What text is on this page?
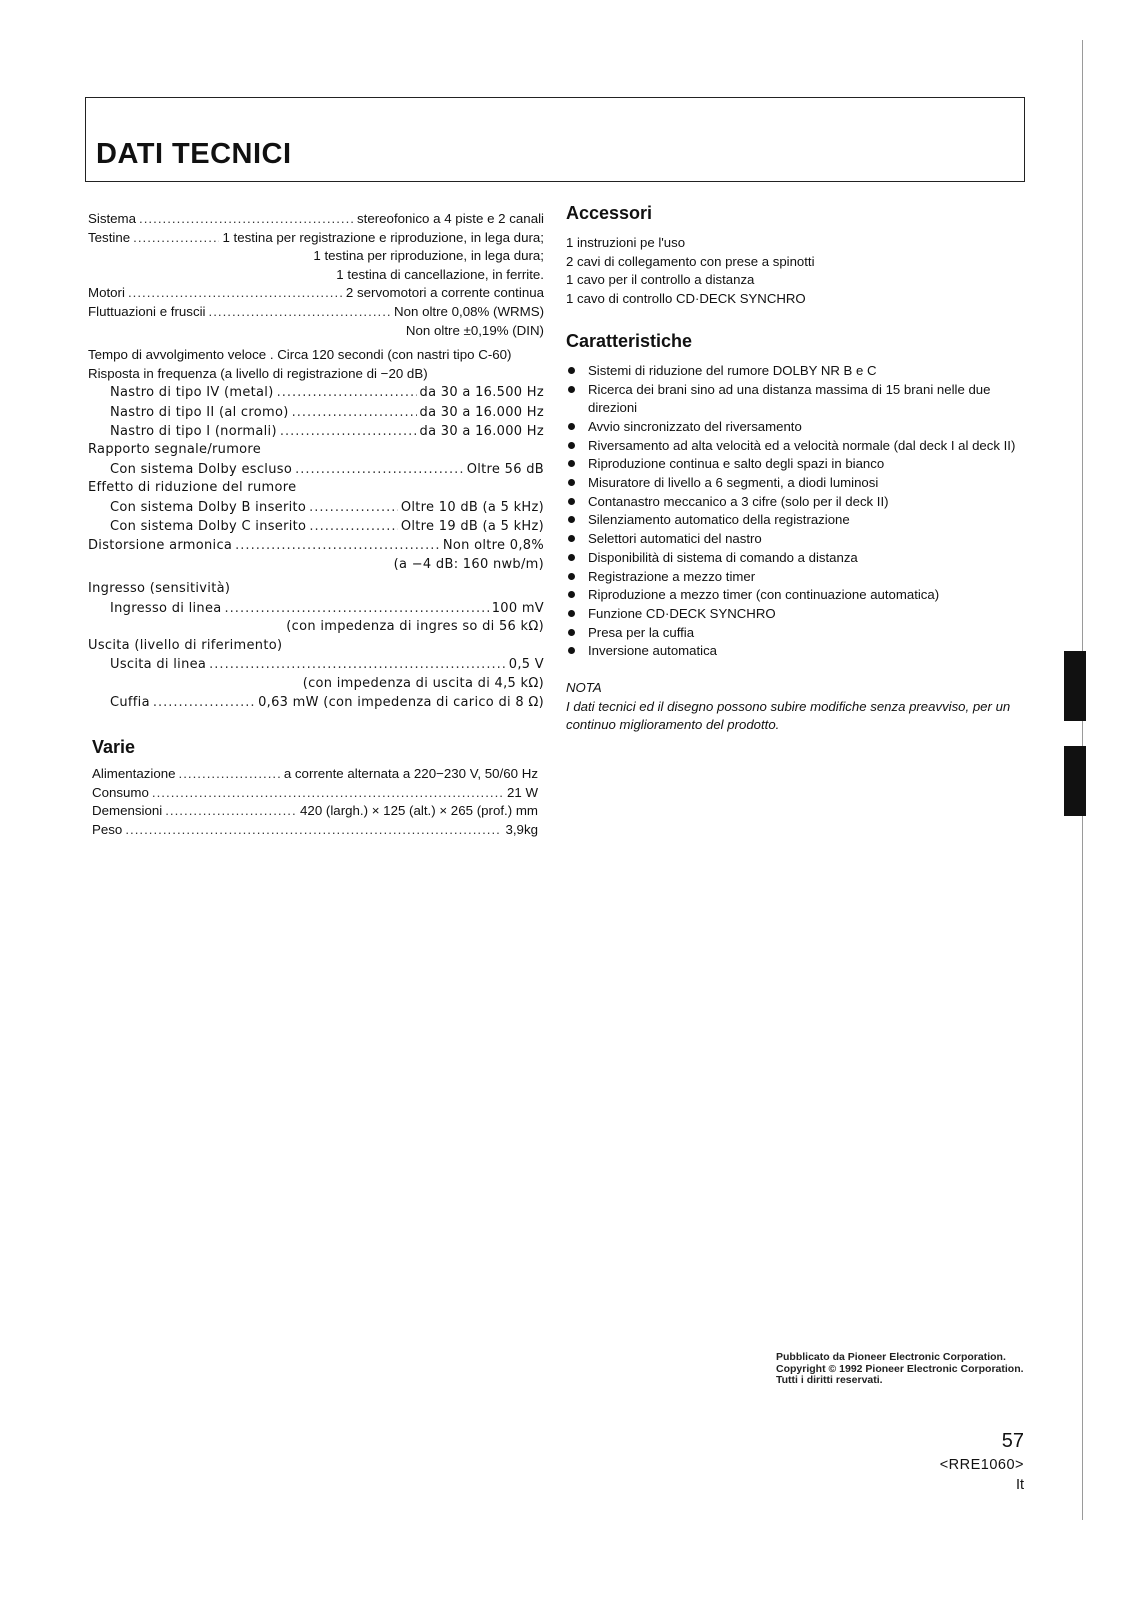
DATI TECNICI
Sistema .....	stereofonico a 4 piste e 2 canali
Testine .....	1 testina per registrazione e riproduzione, in lega dura;
1 testina per riproduzione, in lega dura;
1 testina di cancellazione, in ferrite.
Motori .....	2 servomotori a corrente continua
Fluttuazioni e fruscii .....	Non oltre 0,08% (WRMS)
Non oltre ±0,19% (DIN)
Tempo di avvolgimento veloce . Circa 120 secondi (con nastri tipo C-60)
Risposta in frequenza (a livello di registrazione di −20 dB)
Nastro di tipo IV (metal) .....	da 30 a 16.500 Hz
Nastro di tipo II (al cromo) .....	da 30 a 16.000 Hz
Nastro di tipo I (normali) .....	da 30 a 16.000 Hz
Rapporto segnale/rumore
Con sistema Dolby escluso .....	Oltre 56 dB
Effetto di riduzione del rumore
Con sistema Dolby B inserito .....	Oltre 10 dB (a 5 kHz)
Con sistema Dolby C inserito .....	Oltre 19 dB (a 5 kHz)
Distorsione armonica .....	Non oltre 0,8%
(a −4 dB: 160 nwb/m)
Ingresso (sensitività)
Ingresso di linea .....	100 mV
(con impedenza di ingres so di 56 kΩ)
Uscita (livello di riferimento)
Uscita di linea .....	0,5 V
(con impedenza di uscita di 4,5 kΩ)
Cuffia .....	0,63 mW (con impedenza di carico di 8 Ω)
Varie
Alimentazione .....	a corrente alternata a 220−230 V, 50/60 Hz
Consumo .....	21 W
Demensioni .....	420 (largh.) × 125 (alt.) × 265 (prof.) mm
Peso .....	3,9kg
Accessori
1 instruzioni pe l'uso
2 cavi di collegamento con prese a spinotti
1 cavo per il controllo a distanza
1 cavo di controllo CD·DECK SYNCHRO
Caratteristiche
Sistemi di riduzione del rumore DOLBY NR B e C
Ricerca dei brani sino ad una distanza massima di 15 brani nelle due direzioni
Avvio sincronizzato del riversamento
Riversamento ad alta velocità ed a velocità normale (dal deck I al deck II)
Riproduzione continua e salto degli spazi in bianco
Misuratore di livello a 6 segmenti, a diodi luminosi
Contanastro meccanico a 3 cifre (solo per il deck II)
Silenziamento automatico della registrazione
Selettori automatici del nastro
Disponibilità di sistema di comando a distanza
Registrazione a mezzo timer
Riproduzione a mezzo timer (con continuazione automatica)
Funzione CD·DECK SYNCHRO
Presa per la cuffia
Inversione automatica
NOTA
I dati tecnici ed il disegno possono subire modifiche senza preavviso, per un continuo miglioramento del prodotto.
Pubblicato da Pioneer Electronic Corporation.
Copyright © 1992 Pioneer Electronic Corporation.
Tutti i diritti reservati.
57
<RRE1060>
It
